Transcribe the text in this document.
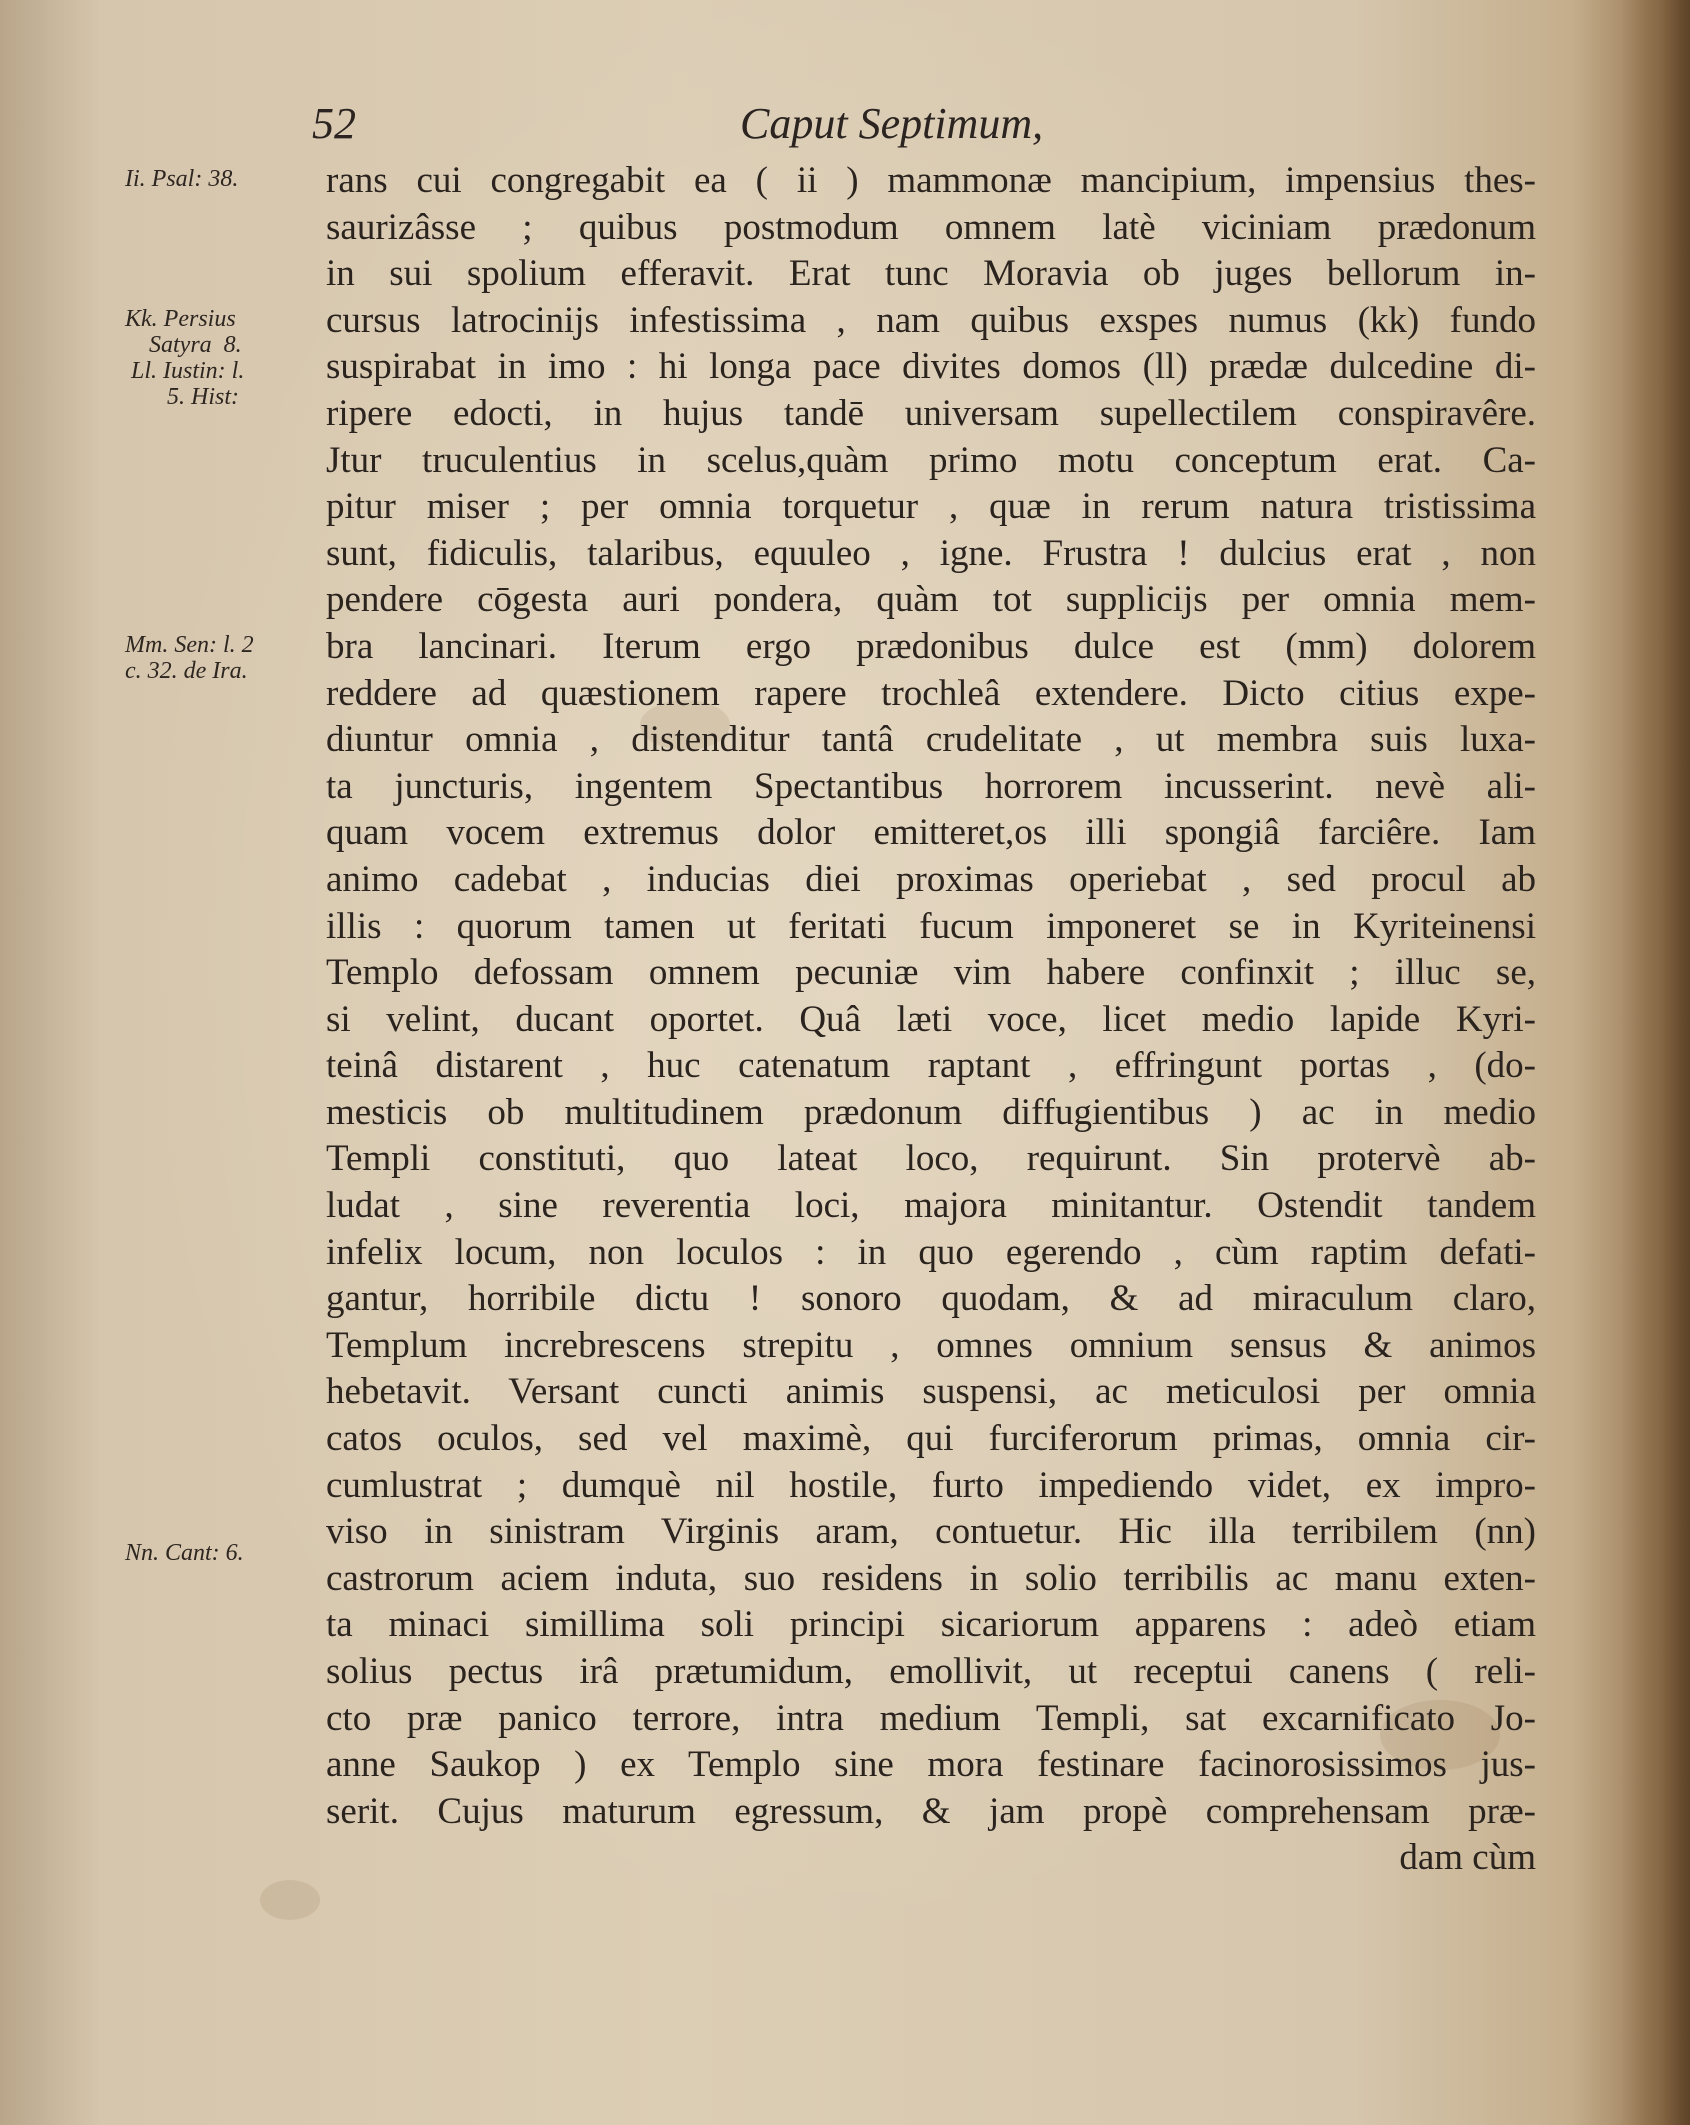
52	Caput Septimum,
Ii. Psal: 38.
Kk. Persius
Satyra  8.
Ll. Iustin: l.
5. Hist:
Mm. Sen: l. 2
c. 32. de Ira.
Nn. Cant: 6.
rans cui congregabit ea ( ii ) mammonæ mancipium, impensius thes-
saurizâsse ; quibus postmodum omnem latè viciniam prædonum
in sui spolium efferavit. Erat tunc Moravia ob juges bellorum in-
cursus latrocinijs infestissima , nam quibus exspes numus (kk) fundo
suspirabat in imo : hi longa pace divites domos (ll) prædæ dulcedine di-
ripere edocti, in hujus tandē universam supellectilem conspiravêre.
Jtur truculentius in scelus,quàm primo motu conceptum erat. Ca-
pitur miser ; per omnia torquetur , quæ in rerum natura tristissima
sunt, fidiculis, talaribus, equuleo , igne. Frustra ! dulcius erat , non
pendere cōgesta auri pondera, quàm tot supplicijs per omnia mem-
bra lancinari. Iterum ergo prædonibus dulce est (mm) dolorem
reddere ad quæstionem rapere trochleâ extendere. Dicto citius expe-
diuntur omnia , distenditur tantâ crudelitate , ut membra suis luxa-
ta juncturis, ingentem Spectantibus horrorem incusserint. nevè ali-
quam vocem extremus dolor emitteret,os illi spongiâ farciêre. Iam
animo cadebat , inducias diei proximas operiebat , sed procul ab
illis : quorum tamen ut feritati fucum imponeret se in Kyriteinensi
Templo defossam omnem pecuniæ vim habere confinxit ; illuc se,
si velint, ducant oportet. Quâ læti voce, licet medio lapide Kyri-
teinâ distarent , huc catenatum raptant , effringunt portas , (do-
mesticis ob multitudinem prædonum diffugientibus ) ac in medio
Templi constituti, quo lateat loco, requirunt. Sin protervè ab-
ludat , sine reverentia loci, majora minitantur. Ostendit tandem
infelix locum, non loculos : in quo egerendo , cùm raptim defati-
gantur, horribile dictu ! sonoro quodam, & ad miraculum claro,
Templum increbrescens strepitu , omnes omnium sensus & animos
hebetavit. Versant cuncti animis suspensi, ac meticulosi per omnia
catos oculos, sed vel maximè, qui furciferorum primas, omnia cir-
cumlustrat ; dumquè nil hostile, furto impediendo videt, ex impro-
viso in sinistram Virginis aram, contuetur. Hic illa terribilem (nn)
castrorum aciem induta, suo residens in solio terribilis ac manu exten-
ta minaci simillima soli principi sicariorum apparens : adeò etiam
solius pectus irâ prætumidum, emollivit, ut receptui canens ( reli-
cto præ panico terrore, intra medium Templi, sat excarnificato Jo-
anne Saukop ) ex Templo sine mora festinare facinorosissimos jus-
serit. Cujus maturum egressum, & jam propè comprehensam præ-
dam cùm
